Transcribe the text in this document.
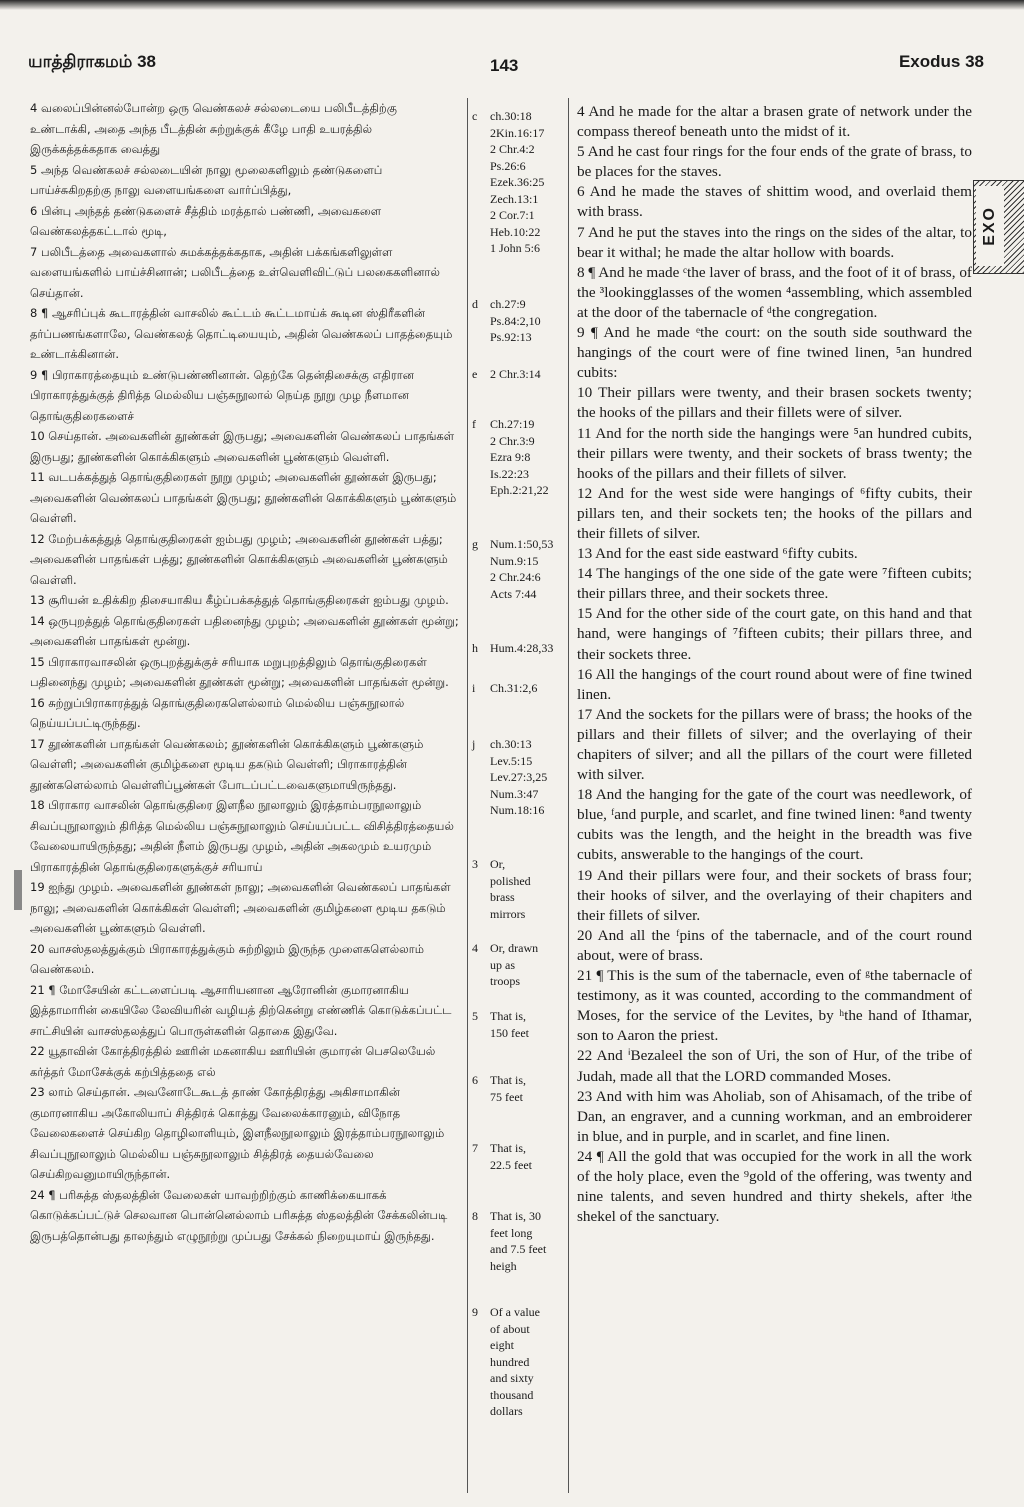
யாத்திராகமம் 38	143	Exodus 38

4 வலைப்பின்னல்போன்ற ஒரு வெண்கலச் சல்லடையை பலிபீடத்திற்கு உண்டாக்கி, அதை அந்த பீடத்தின் சுற்றுக்குக் கீழே பாதி உயரத்தில் இருக்கத்தக்கதாக வைத்து

5 அந்த வெண்கலச் சல்லடையின் நாலு மூலைகளிலும் தண்டுகளைப் பாய்ச்சுகிறதற்கு நாலு வளையங்களை வார்ப்பித்து,

6 பின்பு அந்தத் தண்டுகளைச் சீத்திம் மரத்தால் பண்ணி, அவைகளை வெண்கலத்தகட்டால் மூடி,

7 பலிபீடத்தை அவைகளால் சுமக்கத்தக்கதாக, அதின் பக்கங்களிலுள்ள வளையங்களில் பாய்ச்சினான்; பலிபீடத்தை உள்வெளிவிட்டுப் பலகைகளினால் செய்தான்.

8 ¶ ஆசரிப்புக் கூடாரத்தின் வாசலில் கூட்டம் கூட்டமாய்க் கூடின ஸ்திரீகளின் தர்ப்பணங்களாலே, வெண்கலத் தொட்டியையும், அதின் வெண்கலப் பாதத்தையும் உண்டாக்கினான்.

9 ¶ பிராகாரத்தையும் உண்டுபண்ணினான். தெற்கே தென்திசைக்கு எதிரான பிராகாரத்துக்குத் திரித்த மெல்லிய பஞ்சுநூலால் நெய்த நூறு முழ நீளமான தொங்குதிரைகளைச்

10 செய்தான். அவைகளின் தூண்கள் இருபது; அவைகளின் வெண்கலப் பாதங்கள் இருபது; தூண்களின் கொக்கிகளும் அவைகளின் பூண்களும் வெள்ளி.

11 வடபக்கத்துத் தொங்குதிரைகள் நூறு முழம்; அவைகளின் தூண்கள் இருபது; அவைகளின் வெண்கலப் பாதங்கள் இருபது; தூண்களின் கொக்கிகளும் பூண்களும் வெள்ளி.

12 மேற்பக்கத்துத் தொங்குதிரைகள் ஐம்பது முழம்; அவைகளின் தூண்கள் பத்து; அவைகளின் பாதங்கள் பத்து; தூண்களின் கொக்கிகளும் அவைகளின் பூண்களும் வெள்ளி.

13 சூரியன் உதிக்கிற திசையாகிய கீழ்ப்பக்கத்துத் தொங்குதிரைகள் ஐம்பது முழம்.

14 ஒருபுறத்துத் தொங்குதிரைகள் பதினைந்து முழம்; அவைகளின் தூண்கள் மூன்று; அவைகளின் பாதங்கள் மூன்று.

15 பிராகாரவாசலின் ஒருபுறத்துக்குச் சரியாக மறுபுறத்திலும் தொங்குதிரைகள் பதினைந்து முழம்; அவைகளின் தூண்கள் மூன்று; அவைகளின் பாதங்கள் மூன்று.

16 சுற்றுப்பிராகாரத்துத் தொங்குதிரைகளெல்லாம் மெல்லிய பஞ்சுநூலால் நெய்யப்பட்டிருந்தது.

17 தூண்களின் பாதங்கள் வெண்கலம்; தூண்களின் கொக்கிகளும் பூண்களும் வெள்ளி; அவைகளின் குமிழ்களை மூடிய தகடும் வெள்ளி; பிராகாரத்தின் தூண்களெல்லாம் வெள்ளிப்பூண்கள் போடப்பட்டவைகளுமாயிருந்தது.

18 பிராகார வாசலின் தொங்குதிரை இளநீல நூலாலும் இரத்தாம்பரநூலாலும் சிவப்புநூலாலும் திரித்த மெல்லிய பஞ்சுநூலாலும் செய்யப்பட்ட விசித்திரத்தையல் வேலையாயிருந்தது; அதின் நீளம் இருபது முழம், அதின் அகலமும் உயரமும் பிராகாரத்தின் தொங்குதிரைகளுக்குச் சரியாய்

19 ஐந்து முழம். அவைகளின் தூண்கள் நாலு; அவைகளின் வெண்கலப் பாதங்கள் நாலு; அவைகளின் கொக்கிகள் வெள்ளி; அவைகளின் குமிழ்களை மூடிய தகடும் அவைகளின் பூண்களும் வெள்ளி.

20 வாசஸ்தலத்துக்கும் பிராகாரத்துக்கும் சுற்றிலும் இருந்த முளைகளெல்லாம் வெண்கலம்.

21 ¶ மோசேயின் கட்டளைப்படி ஆசாரியனான ஆரோனின் குமாரனாகிய இத்தாமாரின் கையிலே லேவியரின் வழியத் திற்கென்று எண்ணிக் கொடுக்கப்பட்ட சாட்சியின் வாசஸ்தலத்துப் பொருள்களின் தொகை இதுவே.

22 யூதாவின் கோத்திரத்தில் ஊரின் மகனாகிய ஊரியின் குமாரன் பெசலெயேல் கர்த்தர் மோசேக்குக் கற்பித்ததை எல்

23 லாம் செய்தான். அவனோடேகூடத் தாண் கோத்திரத்து அகிசாமாகின் குமாரனாகிய அகோலியாப் சித்திரக் கொத்து வேலைக்காரனும், விநோத வேலைகளைச் செய்கிற தொழிலாளியும், இளநீலநூலாலும் இரத்தாம்பரநூலாலும் சிவப்புநூலாலும் மெல்லிய பஞ்சுநூலாலும் சித்திரத் தையல்வேலை செய்கிறவனுமாயிருந்தான்.

24 ¶ பரிசுத்த ஸ்தலத்தின் வேலைகள் யாவற்றிற்கும் காணிக்கையாகக் கொடுக்கப்பட்டுச் செலவான பொன்னெல்லாம் பரிசுத்த ஸ்தலத்தின் சேக்கலின்படி இருபத்தொன்பது தாலந்தும் எழுநூற்று முப்பது சேக்கல் நிறையுமாய் இருந்தது.

c	ch.30:18
2Kin.16:17
2 Chr.4:2
Ps.26:6
Ezek.36:25
Zech.13:1
2 Cor.7:1
Heb.10:22
1 John 5:6
d	ch.27:9
Ps.84:2,10
Ps.92:13
e	2 Chr.3:14
f	Ch.27:19
2 Chr.3:9
Ezra 9:8
Is.22:23
Eph.2:21,22
g	Num.1:50,53
Num.9:15
2 Chr.24:6
Acts 7:44
h	Hum.4:28,33
i	Ch.31:2,6
j	ch.30:13
Lev.5:15
Lev.27:3,25
Num.3:47
Num.18:16
3	Or,
polished
brass
mirrors
4	Or, drawn
up as
troops
5	That is,
150 feet
6	That is,
75 feet
7	That is,
22.5 feet
8	That is, 30
feet long
and 7.5 feet
heigh
9	Of a value
of about
eight
hundred
and sixty
thousand
dollars

4 And he made for the altar a brasen grate of network under the compass thereof beneath unto the midst of it.

5 And he cast four rings for the four ends of the grate of brass, to be places for the staves.

6 And he made the staves of shittim wood, and overlaid them with brass.

7 And he put the staves into the rings on the sides of the altar, to bear it withal; he made the altar hollow with boards.

8 ¶ And he made ᶜthe laver of brass, and the foot of it of brass, of the ³lookingglasses of the women ⁴assembling, which assembled at the door of the tabernacle of ᵈthe congregation.

9 ¶ And he made ᵉthe court: on the south side southward the hangings of the court were of fine twined linen, ⁵an hundred cubits:

10 Their pillars were twenty, and their brasen sockets twenty; the hooks of the pillars and their fillets were of silver.

11 And for the north side the hangings were ⁵an hundred cubits, their pillars were twenty, and their sockets of brass twenty; the hooks of the pillars and their fillets of silver.

12 And for the west side were hangings of ⁶fifty cubits, their pillars ten, and their sockets ten; the hooks of the pillars and their fillets of silver.

13 And for the east side eastward ⁶fifty cubits.

14 The hangings of the one side of the gate were ⁷fifteen cubits; their pillars three, and their sockets three.

15 And for the other side of the court gate, on this hand and that hand, were hangings of ⁷fifteen cubits; their pillars three, and their sockets three.

16 All the hangings of the court round about were of fine twined linen.

17 And the sockets for the pillars were of brass; the hooks of the pillars and their fillets of silver; and the overlaying of their chapiters of silver; and all the pillars of the court were filleted with silver.

18 And the hanging for the gate of the court was needlework, of blue, ᶠand purple, and scarlet, and fine twined linen: ⁸and twenty cubits was the length, and the height in the breadth was five cubits, answerable to the hangings of the court.

19 And their pillars were four, and their sockets of brass four; their hooks of silver, and the overlaying of their chapiters and their fillets of silver.

20 And all the ᶠpins of the tabernacle, and of the court round about, were of brass.

21 ¶ This is the sum of the tabernacle, even of ᵍthe tabernacle of testimony, as it was counted, according to the commandment of Moses, for the service of the Levites, by ʰthe hand of Ithamar, son to Aaron the priest.

22 And ⁱBezaleel the son of Uri, the son of Hur, of the tribe of Judah, made all that the LORD commanded Moses.

23 And with him was Aholiab, son of Ahisamach, of the tribe of Dan, an engraver, and a cunning workman, and an embroiderer in blue, and in purple, and in scarlet, and fine linen.

24 ¶ All the gold that was occupied for the work in all the work of the holy place, even the ⁹gold of the offering, was twenty and nine talents, and seven hundred and thirty shekels, after ʲthe shekel of the sanctuary.

EXO
